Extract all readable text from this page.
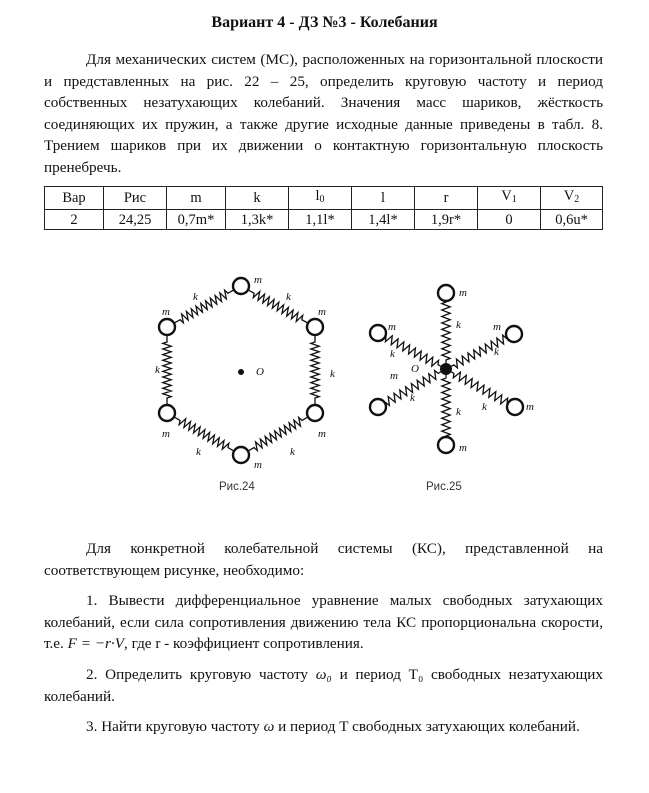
Вариант 4 - ДЗ №3 - Колебания
Для механических систем (МС), расположенных на горизонтальной плоскости и представленных на рис. 22 – 25, определить круговую частоту и период собственных незатухающих колебаний. Значения масс шариков, жёсткость соединяющих их пружин, а также другие исходные данные приведены в табл. 8. Трением шариков при их движении о контактную горизонтальную плоскость пренебречь.
Вар	Рис	m	k	$l_0$	l	r	$V_1$	$V_2$
2	24,25	0,7m*	1,3k*	1,1l*	1,4l*	1,9r*	0	0,6u*
m
m	m
m	m
m
k	k
k	k
k	k
O
Рис.24
m
m
m
m
m
m	k
k
k
k
k
k
O
Рис.25
Для конкретной колебательной системы (КС), представленной на соответствующем рисунке, необходимо:
1. Вывести дифференциальное уравнение малых свободных затухающих колебаний, если сила сопротивления движению тела КС пропорциональна скорости, т.е. F = −r·V, где r - коэффициент сопротивления.
2. Определить круговую частоту ω₀ и период T₀ свободных незатухающих колебаний.
3. Найти круговую частоту ω и период T свободных затухающих колебаний.
